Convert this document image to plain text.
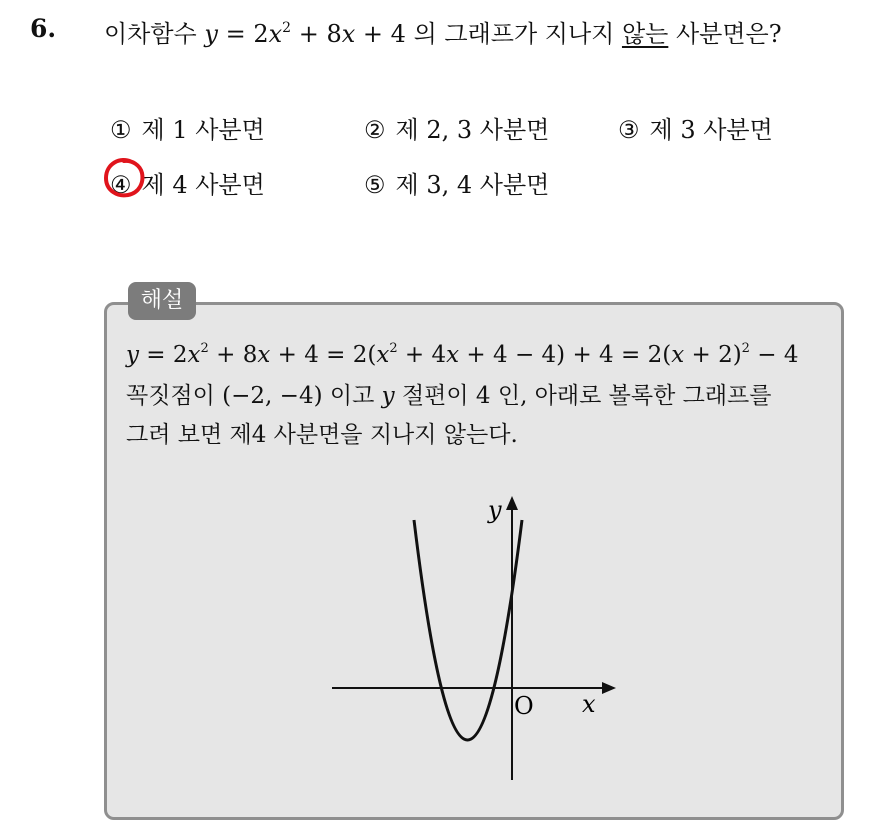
6. 이차함수 $y = 2x^2 + 8x + 4$ 의 그래프가 지나지 않는 사분면은?
① 제 1 사분면	② 제 2, 3 사분면	③ 제 3 사분면
④ 제 4 사분면	⑤ 제 3, 4 사분면
해설
$y = 2x^2 + 8x + 4 = 2(x^2 + 4x + 4 - 4) + 4 = 2(x + 2)^2 - 4$
꼭짓점이 (−2, −4) 이고 y 절편이 4 인, 아래로 볼록한 그래프를
그려 보면 제4 사분면을 지나지 않는다.
y
x
O
